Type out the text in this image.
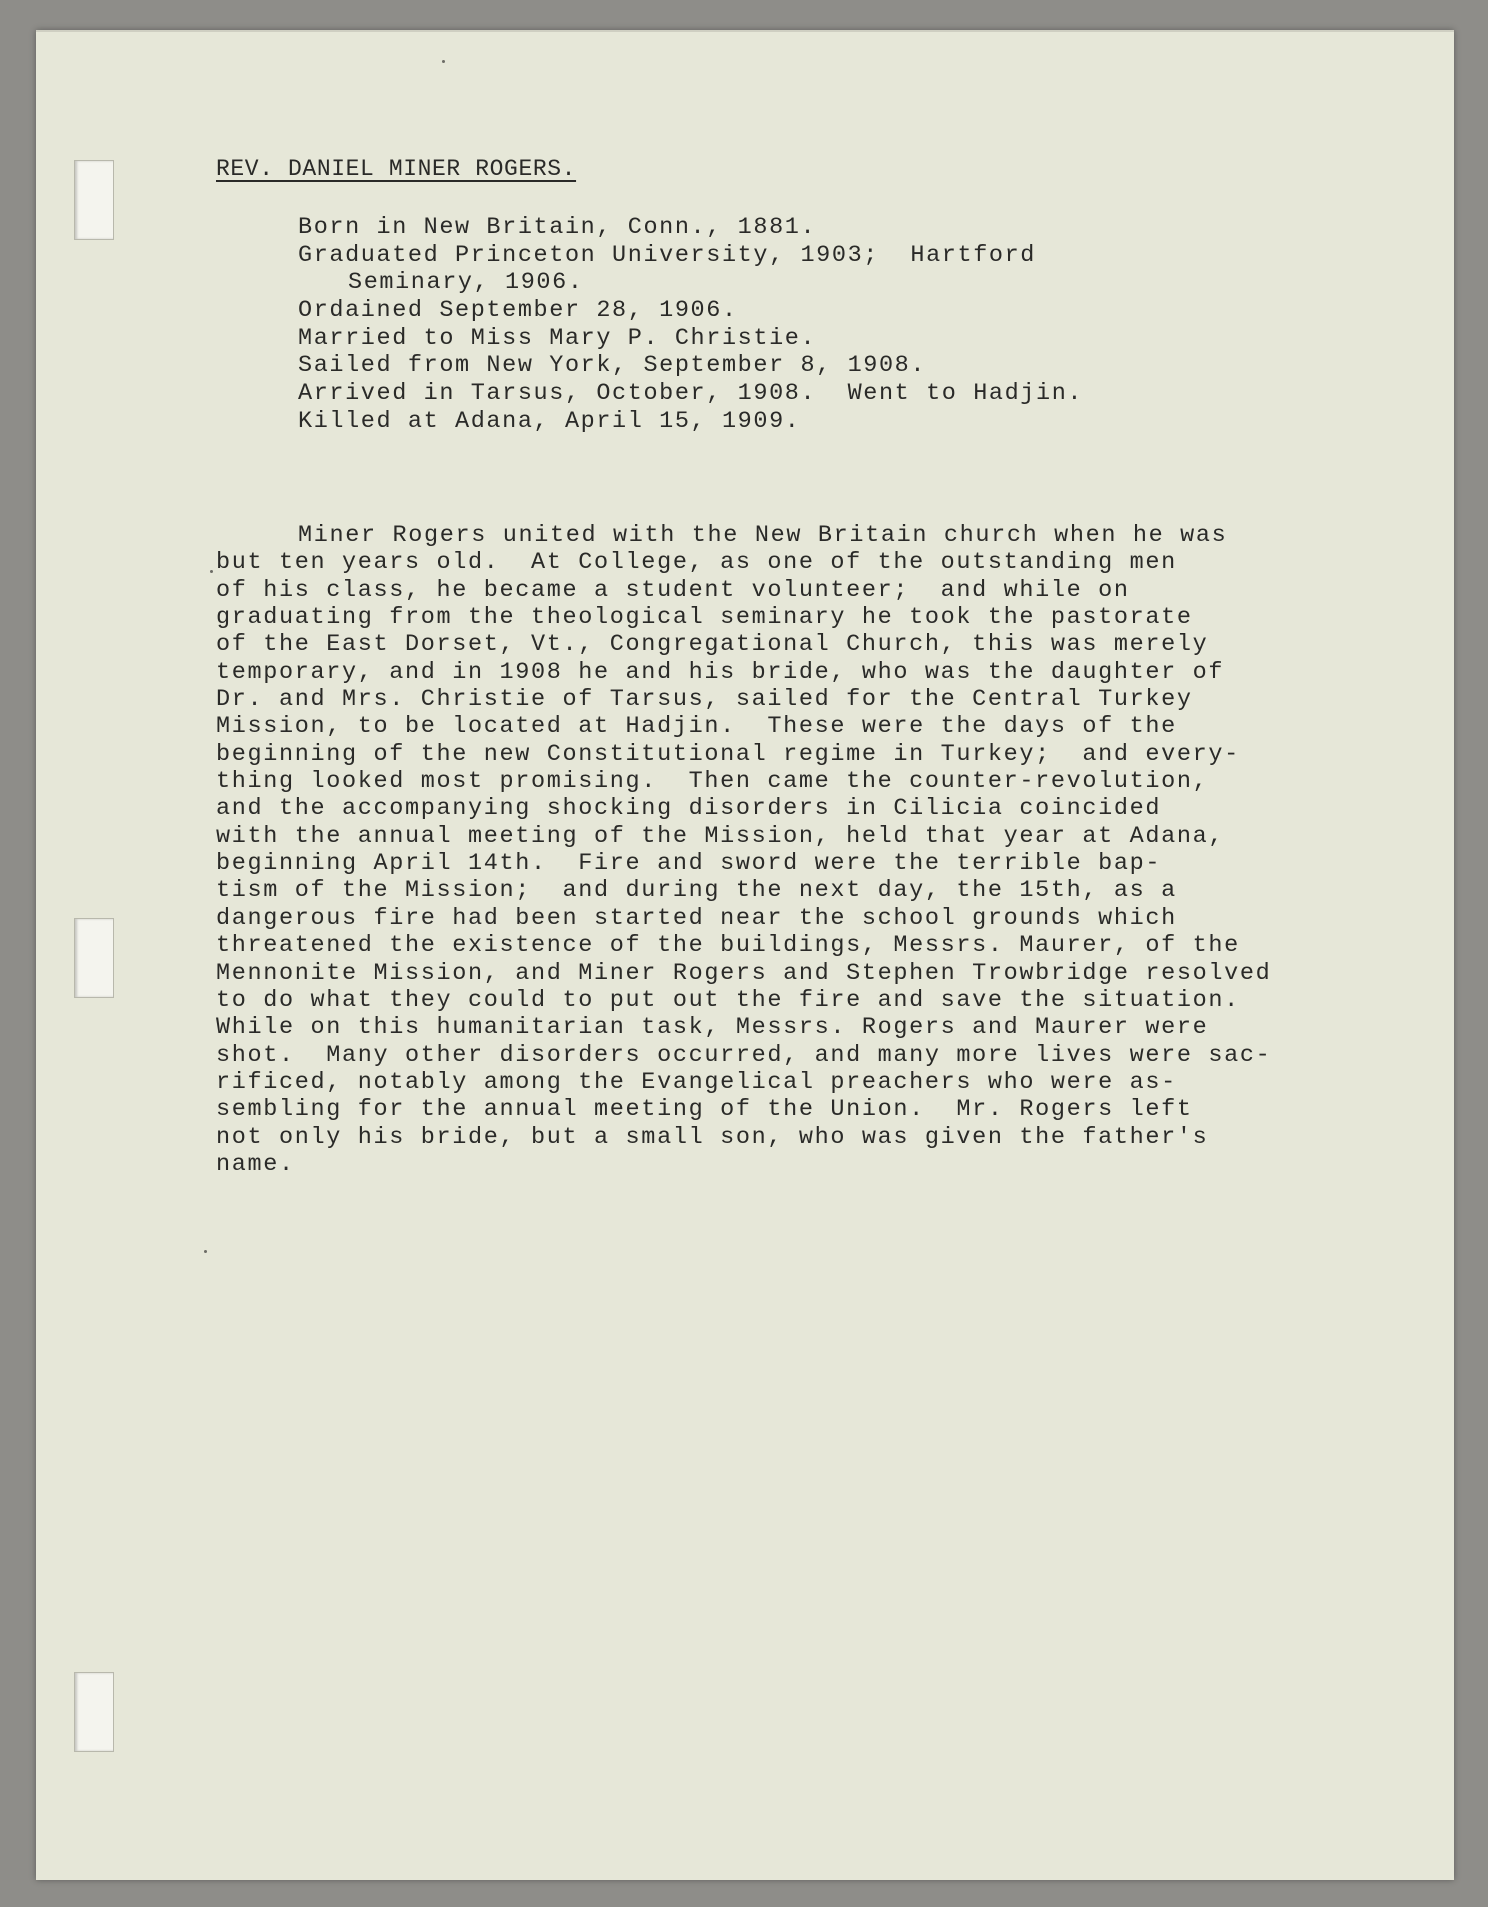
REV. DANIEL MINER ROGERS.
Born in New Britain, Conn., 1881.
Graduated Princeton University, 1903;  Hartford
Seminary, 1906.
Ordained September 28, 1906.
Married to Miss Mary P. Christie.
Sailed from New York, September 8, 1908.
Arrived in Tarsus, October, 1908.  Went to Hadjin.
Killed at Adana, April 15, 1909.
Miner Rogers united with the New Britain church when he was
but ten years old.  At College, as one of the outstanding men
of his class, he became a student volunteer;  and while on
graduating from the theological seminary he took the pastorate
of the East Dorset, Vt., Congregational Church, this was merely
temporary, and in 1908 he and his bride, who was the daughter of
Dr. and Mrs. Christie of Tarsus, sailed for the Central Turkey
Mission, to be located at Hadjin.  These were the days of the
beginning of the new Constitutional regime in Turkey;  and every-
thing looked most promising.  Then came the counter-revolution,
and the accompanying shocking disorders in Cilicia coincided
with the annual meeting of the Mission, held that year at Adana,
beginning April 14th.  Fire and sword were the terrible bap-
tism of the Mission;  and during the next day, the 15th, as a
dangerous fire had been started near the school grounds which
threatened the existence of the buildings, Messrs. Maurer, of the
Mennonite Mission, and Miner Rogers and Stephen Trowbridge resolved
to do what they could to put out the fire and save the situation.
While on this humanitarian task, Messrs. Rogers and Maurer were
shot.  Many other disorders occurred, and many more lives were sac-
rificed, notably among the Evangelical preachers who were as-
sembling for the annual meeting of the Union.  Mr. Rogers left
not only his bride, but a small son, who was given the father's
name.
